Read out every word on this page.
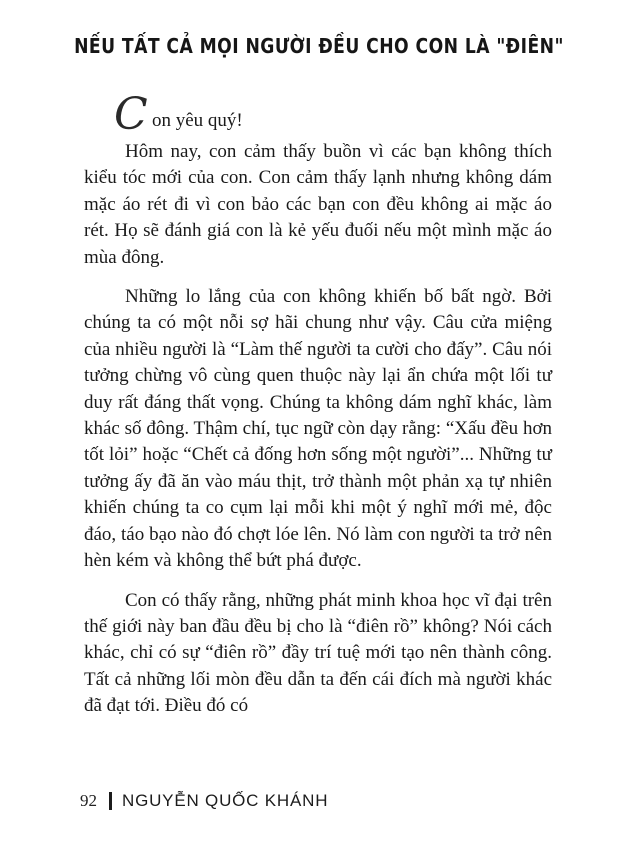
NẾU TẤT CẢ MỌI NGƯỜI ĐỀU CHO CON LÀ "ĐIÊN"
C on yêu quý!

Hôm nay, con cảm thấy buồn vì các bạn không thích kiểu tóc mới của con. Con cảm thấy lạnh nhưng không dám mặc áo rét đi vì con bảo các bạn con đều không ai mặc áo rét. Họ sẽ đánh giá con là kẻ yếu đuối nếu một mình mặc áo mùa đông.

Những lo lắng của con không khiến bố bất ngờ. Bởi chúng ta có một nỗi sợ hãi chung như vậy. Câu cửa miệng của nhiều người là “Làm thế người ta cười cho đấy”. Câu nói tưởng chừng vô cùng quen thuộc này lại ẩn chứa một lối tư duy rất đáng thất vọng. Chúng ta không dám nghĩ khác, làm khác số đông. Thậm chí, tục ngữ còn dạy rằng: “Xấu đều hơn tốt lỏi” hoặc “Chết cả đống hơn sống một người”... Những tư tưởng ấy đã ăn vào máu thịt, trở thành một phản xạ tự nhiên khiến chúng ta co cụm lại mỗi khi một ý nghĩ mới mẻ, độc đáo, táo bạo nào đó chợt lóe lên. Nó làm con người ta trở nên hèn kém và không thể bứt phá được.

Con có thấy rằng, những phát minh khoa học vĩ đại trên thế giới này ban đầu đều bị cho là “điên rồ” không? Nói cách khác, chỉ có sự “điên rồ” đầy trí tuệ mới tạo nên thành công. Tất cả những lối mòn đều dẫn ta đến cái đích mà người khác đã đạt tới. Điều đó có

92 NGUYỄN QUỐC KHÁNH
